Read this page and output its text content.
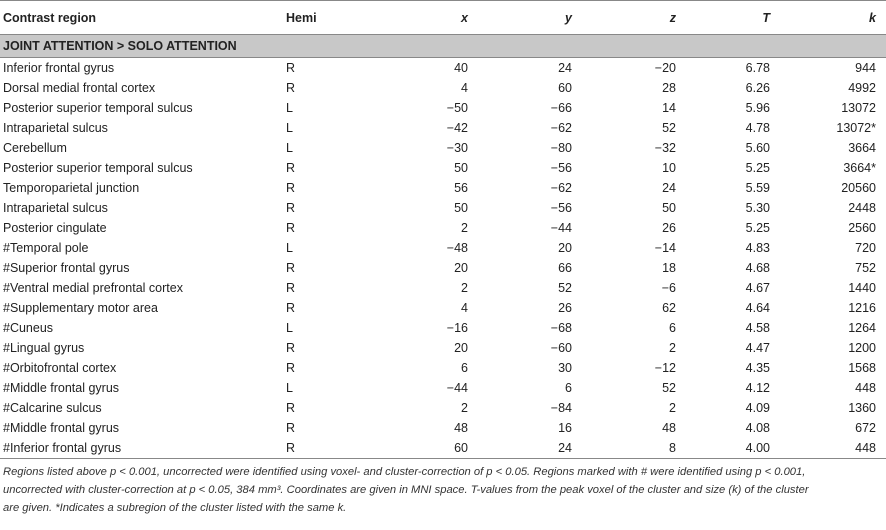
Contrast region	Hemi	x	y	z	T	k
JOINT ATTENTION > SOLO ATTENTION						
Inferior frontal gyrus	R	40	24	−20	6.78	944
Dorsal medial frontal cortex	R	4	60	28	6.26	4992
Posterior superior temporal sulcus	L	−50	−66	14	5.96	13072
Intraparietal sulcus	L	−42	−62	52	4.78	13072*
Cerebellum	L	−30	−80	−32	5.60	3664
Posterior superior temporal sulcus	R	50	−56	10	5.25	3664*
Temporoparietal junction	R	56	−62	24	5.59	20560
Intraparietal sulcus	R	50	−56	50	5.30	2448
Posterior cingulate	R	2	−44	26	5.25	2560
#Temporal pole	L	−48	20	−14	4.83	720
#Superior frontal gyrus	R	20	66	18	4.68	752
#Ventral medial prefrontal cortex	R	2	52	−6	4.67	1440
#Supplementary motor area	R	4	26	62	4.64	1216
#Cuneus	L	−16	−68	6	4.58	1264
#Lingual gyrus	R	20	−60	2	4.47	1200
#Orbitofrontal cortex	R	6	30	−12	4.35	1568
#Middle frontal gyrus	L	−44	6	52	4.12	448
#Calcarine sulcus	R	2	−84	2	4.09	1360
#Middle frontal gyrus	R	48	16	48	4.08	672
#Inferior frontal gyrus	R	60	24	8	4.00	448
Regions listed above p < 0.001, uncorrected were identified using voxel- and cluster-correction of p < 0.05. Regions marked with # were identified using p < 0.001,
uncorrected with cluster-correction at p < 0.05, 384 mm³. Coordinates are given in MNI space. T-values from the peak voxel of the cluster and size (k) of the cluster
are given. *Indicates a subregion of the cluster listed with the same k.
